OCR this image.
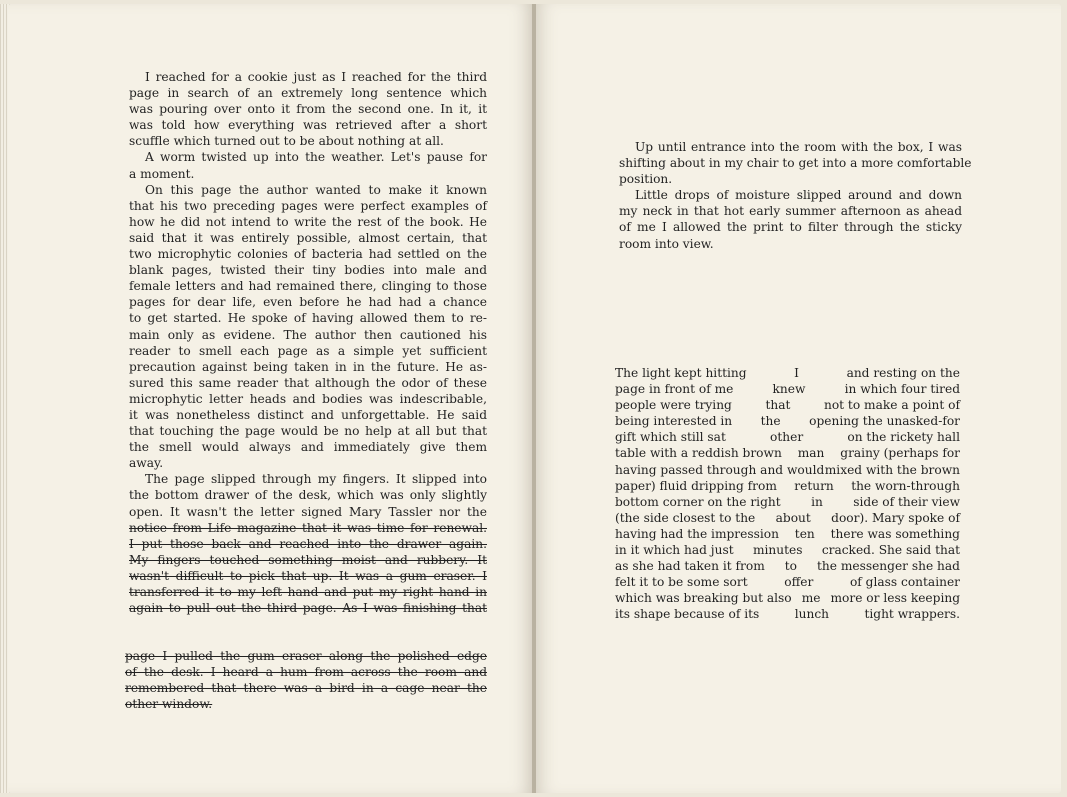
I reached for a cookie just as I reached for the third
page in search of an extremely long sentence which
was pouring over onto it from the second one. In it, it
was told how everything was retrieved after a short
scuffle which turned out to be about nothing at all.
A worm twisted up into the weather. Let's pause for
a moment.
On this page the author wanted to make it known
that his two preceding pages were perfect examples of
how he did not intend to write the rest of the book. He
said that it was entirely possible, almost certain, that
two microphytic colonies of bacteria had settled on the
blank pages, twisted their tiny bodies into male and
female letters and had remained there, clinging to those
pages for dear life, even before he had had a chance
to get started. He spoke of having allowed them to re-
main only as evidene. The author then cautioned his
reader to smell each page as a simple yet sufficient
precaution against being taken in in the future. He as-
sured this same reader that although the odor of these
microphytic letter heads and bodies was indescribable,
it was nonetheless distinct and unforgettable. He said
that touching the page would be no help at all but that
the smell would always and immediately give them
away.
The page slipped through my fingers. It slipped into
the bottom drawer of the desk, which was only slightly
open. It wasn't the letter signed Mary Tassler nor the
notice from Life magazine that it was time for renewal.
I put those back and reached into the drawer again.
My fingers touched something moist and rubbery. It
wasn't difficult to pick that up. It was a gum eraser. I
transferred it to my left hand and put my right hand in
again to pull out the third page. As I was finishing that
page I pulled the gum eraser along the polished edge
of the desk. I heard a hum from across the room and
remembered that there was a bird in a cage near the
other window.
Up until entrance into the room with the box, I was
shifting about in my chair to get into a more comfortable
position.
Little drops of moisture slipped around and down
my neck in that hot early summer afternoon as ahead
of me I allowed the print to filter through the sticky
room into view.
The light kept hitting	I	and resting on the
page in front of me	knew	in which four tired
people were trying	that	not to make a point of
being interested in the opening the unasked-for
gift which still sat	other	on the rickety hall
table with a reddish brown man grainy (perhaps for
having passed through and would mixed with the brown
paper) fluid dripping from return the worn-through
bottom corner on the right in side of their view
(the side closest to the about door). Mary spoke of
having had the impression ten there was something
in it which had just minutes cracked. She said that
as she had taken it from to the messenger she had
felt it to be some sort	offer	of glass container
which was breaking but also me more or less keeping
its shape because of its	lunch	tight wrappers.
